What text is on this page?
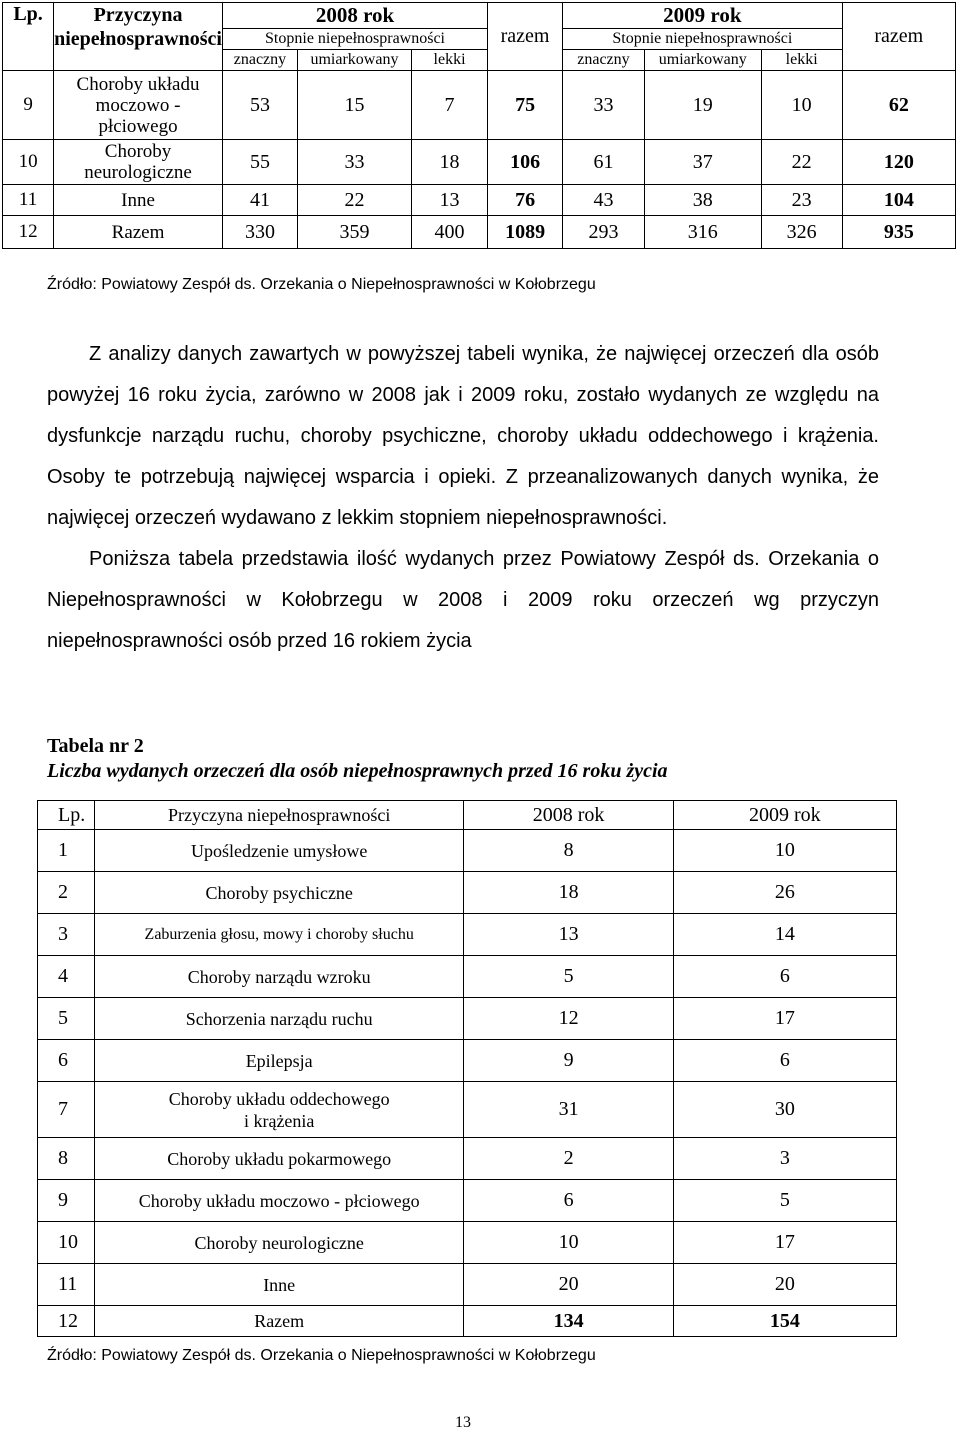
Lp.	Przyczyna niepełnosprawności	2008 rok			razem	2009 rok			razem
		Stopnie niepełnosprawności				Stopnie niepełnosprawności			
		znaczny	umiarkowany	lekki		znaczny	umiarkowany	lekki	
9	Choroby układu moczowo - płciowego	53	15	7	75	33	19	10	62
10	Choroby neurologiczne	55	33	18	106	61	37	22	120
11	Inne	41	22	13	76	43	38	23	104
12	Razem	330	359	400	1089	293	316	326	935
Źródło: Powiatowy Zespół ds. Orzekania o Niepełnosprawności w Kołobrzegu

Z analizy danych zawartych w powyższej tabeli wynika, że najwięcej orzeczeń dla osób powyżej 16 roku życia, zarówno w 2008 jak i 2009 roku, zostało wydanych ze względu na dysfunkcje narządu ruchu, choroby psychiczne, choroby układu oddechowego i krążenia. Osoby te potrzebują najwięcej wsparcia i opieki. Z przeanalizowanych danych wynika, że najwięcej orzeczeń wydawano z lekkim stopniem niepełnosprawności.

Poniższa tabela przedstawia ilość wydanych przez Powiatowy Zespół ds. Orzekania o Niepełnosprawności w Kołobrzegu w 2008 i 2009 roku orzeczeń wg przyczyn niepełnosprawności osób przed 16 rokiem życia

Tabela nr 2
Liczba wydanych orzeczeń dla osób niepełnosprawnych przed 16 roku życia
Lp.	Przyczyna niepełnosprawności	2008 rok	2009 rok
1	Upośledzenie umysłowe	8	10
2	Choroby psychiczne	18	26
3	Zaburzenia głosu, mowy i choroby słuchu	13	14
4	Choroby narządu wzroku	5	6
5	Schorzenia narządu ruchu	12	17
6	Epilepsja	9	6
7	Choroby układu oddechowego i krążenia	31	30
8	Choroby układu pokarmowego	2	3
9	Choroby układu moczowo - płciowego	6	5
10	Choroby neurologiczne	10	17
11	Inne	20	20
12	Razem	134	154
Źródło: Powiatowy Zespół ds. Orzekania o Niepełnosprawności w Kołobrzegu
13
